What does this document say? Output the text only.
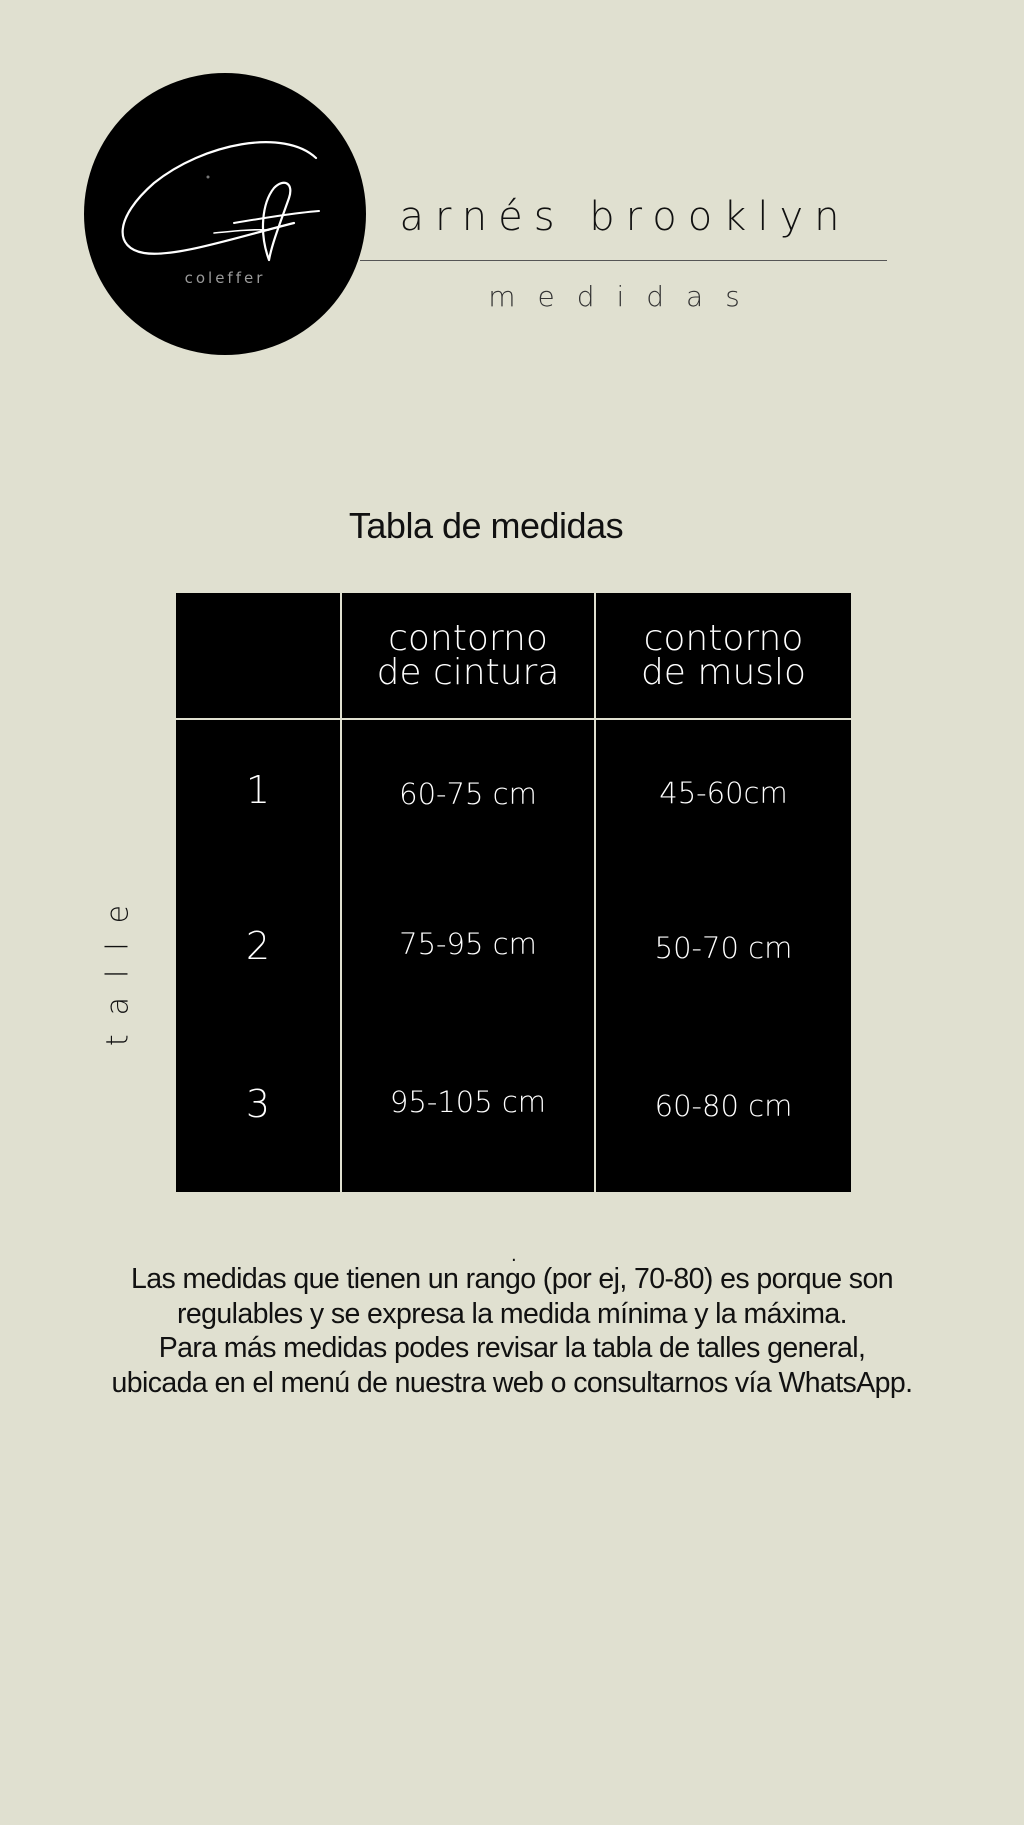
coleffer
arnés brooklyn
medidas
Tabla de medidas
talle
contorno
de cintura
contorno
de muslo
1	60-75 cm	45-60cm
2	75-95 cm	50-70 cm
3	95-105 cm	60-80 cm
.
Las medidas que tienen un rango (por ej, 70-80) es porque son
regulables y se expresa la medida mínima y la máxima.
Para más medidas podes revisar la tabla de talles general,
ubicada en el menú de nuestra web o consultarnos vía WhatsApp.
